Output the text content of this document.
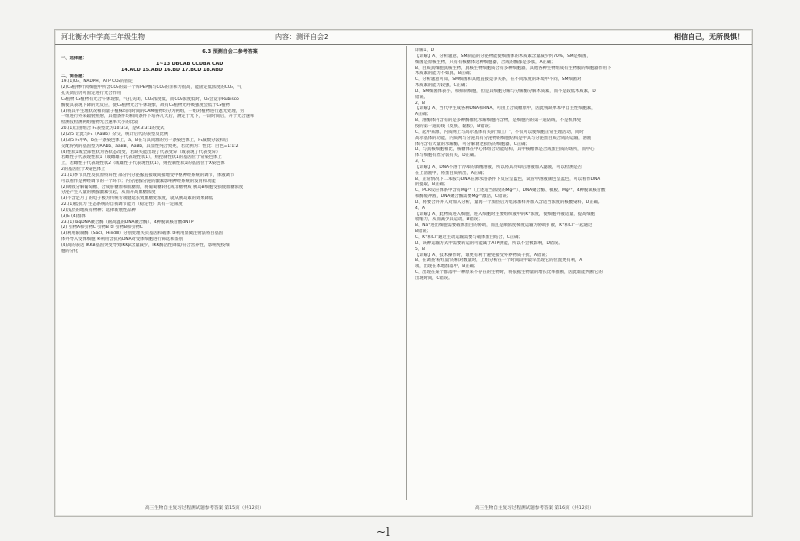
河北衡水中学高三年级生物	内容：测评自会2	相信自己，无所畏惧！
6.3 预测自会二参考答案
一、选择题：
1~13 DBCAB CCDBA CAD
14.ACD 15.ABD 16.BD 17.BCD 18.ABD
二、简答题：
19.(1)O₂、NADPH、ATP CO₂的固定
(2)C₄植物叶肉细胞中所含CO₂的第一个库PEP酶与CO₂的亲和力很高，能固定低浓度的CO₂，气
孔关闭后仍可固定进行光合作用
C₄植物 C₄植物有光合午休现象，气孔关闭，CO₂浓度低，而CO₂浓度低时，O₂会竞争Rubisco
酶使其表现下降的光反应，使C₄植物光合午休现象，故有C₄植物光呼吸强度会低于C₃植物
(3)将其平生理状况相同量子植株均同时间的CAM植物均分为两组，一组对植物进行遮光处理，另
一组进行外来辐射照射，其他条件均相同条件下培养几天后，测定于光下，一段时间后，开于光合速率
检测仪检测两组植物光合速率大小的比较
20.(1)自由组合 F₁表型比为10:3:3，是9:3:3:1的变式
(2)2/5 让此与F₁（AaBb）杂交，统计后代的表型及比例
(3)3/5 F₁中A、b在一条染色体上，a、B在与其同源的另一条染色体上，F₁减数分裂和后
交配得到的基因型为AAbb、aaBB、AaBb，其显性纯合致死，若比例为：性比：白色=1:1:2
(4)性状1或全部性状为各状态改变，若缺失能出现了代表变异（或表现了代表变异）
若雌性子代表现性状1（或雌雄子代表现性状1），则控制性状1的基因位于常染色体上
上，若雌性子代表现性状2（或雄性子代表现性状1），则控制性状1的基因位于X染色体
2的基因位于X染色体上
21.(1)季节具性及抗原特异性 部分内分泌腺直接或间接地受中枢神经系统的调节，体液调节
可以看作是神经调节的一个环节；内分泌腺分泌的激素影响神经系统的发育和功能
(2)吸收分解葡萄糖、合成肝糖原和肌糖原，将葡萄糖转化成非糖物质 胰岛B细胞受损使血糖浓度
分泌产生人量的胰腺激素引起，从而升高血糖浓度
(3)不含足月了的电子极为传统专项健延长致血糖处浓度，就从胰岛素的效果降低
22.(1)抵抗力 生态系统的自我调节能力（稳定性）具有一定限度
(2)浅层的地质有物种；选择新展性品种
(3)E (4)群体
23.(1)TaqDNA聚合酶（耐高温的DNA聚合酶）、4种脱氧核苷酸dNTP
(2) 引物A和引物C 引物B ② 引物B和引物C
(3)利用限制酶（SacⅠ、HindⅢ）分别处理失页基因和载体 ③利用显微注射法将目基因
体外导入受体细胞 ④利用含抗药DNA对受体细胞进行筛选和鉴别
(4)高的表达 IKKB基因突变导致IKKβ含量减少，IKK酶活性降低/符合营养性，影响免疫细
胞的分化
详解1、D
【详解】A、分析题意，SM制造的分泌物能使细菌体的木质素含量减少约70%，SM是细菌，
细菌是原核生物，只有有核糖体这种细胞器，合成的酶都是多肽，A正确；
B、白质真细胞真核生物，真核生物细胞质合有多种细胞器，其他各种生物组成有生物膜的细胞器作用下
木质素的能力不如真，B正确；
C、分析题意可知，SM细菌和其他直接竞争关系，在不同浓度的环境中不同，SM细菌对
木质素的能力较强，C正确；
D、SM细菌体表小，和抑制细胞，但是其细胞分解与分解酶分解木质素，而不是较低木质素，D
错误。
2、B
【详解】A、当代中生成各种DNA和RNA，可由上合成糖原中，因此残缺单本中自主性细胞素，
A正确；
B、溶酶体内含有的是多种酶催化水解细胞内含物，是细胞内的第一道防线，不是机体免
疫的第一道防线（皮肤、黏膜），B错误；
C、起中来源，内质网上与高尔基体有关的'加工厂'，不仅可以使细胞正常生理活动，同时
高尔基体的功能，内质网与分泌具有分泌物的细胞结构是中其与分泌蛋白质合成的运输，溶液
体内含有大量的水解酶，可分解衰老损伤的细胞器，C正确；
D、与真核细胞相比，核糖体在中心体组合功能结构，其中核糖体是合成蛋白质的场所，而中心
体与细胞有丝分裂有关，D正确。
3、C
【详解】A、DNA不溶于冷却的酒精溶液，所以将其冷却后溶液加入滤液，可以检测是否
在上清液中，将蛋白质析出，A正确；
B、正常情况下二苯胺与DNA在沸水浴条件下反应呈蓝色，试管中溶液颜色呈蓝色，可以看作DNA
的提取，B正确；
C、PCR反应体系中含有Mg²⁺（上述适当浓度的Mg²⁺）、DNA聚合酶、模板、Mg²⁺、4种脱氧核苷酸
和酶缓冲液，DNA聚合酶需要Mg²⁺激活，C错误；
D、将要合并并人对加入分析，量再一个加热后为电泳加样并加入含适当浓度的核酸染料，D正确。
4、A
【详解】A、此物质进入细胞，进入细胞时主要组织液中的K⁺浓度，使细胞外液适量，提高细胞
收缩力，从而减少其运动，B错误；
B、Na⁺进出细胞需要载体蛋白的协助，而且是顺浓度梯度运输为协助扩散，K⁺和Cl⁻一起通过
B错误；
C、K⁺和Cl⁻通过主动运输需要与载体蛋白结合，C正确；
D、该种运输方式中需要转运的可能属于ATP供能，所以不会被影响，D错误。
5、B
【详解】A、技术操作时，谁更有利于避免接受外界物质干扰，A错误；
B、在调查'粉红鼠'的相对数量时，上组分析在一个时间段中最早出现它的位置更有利，A
项，出现在本地群落中，B正确；
C、出现在某个群落中一种原来不存在的生物时，将依据生物量的增长比率推断，因此谁能判断它的
出现时间，C错误。
高三生物自主复习过程测试题参考答案 第15页（共12页）	高三生物自主复习过程测试题参考答案 第16页（共12页）
~l
